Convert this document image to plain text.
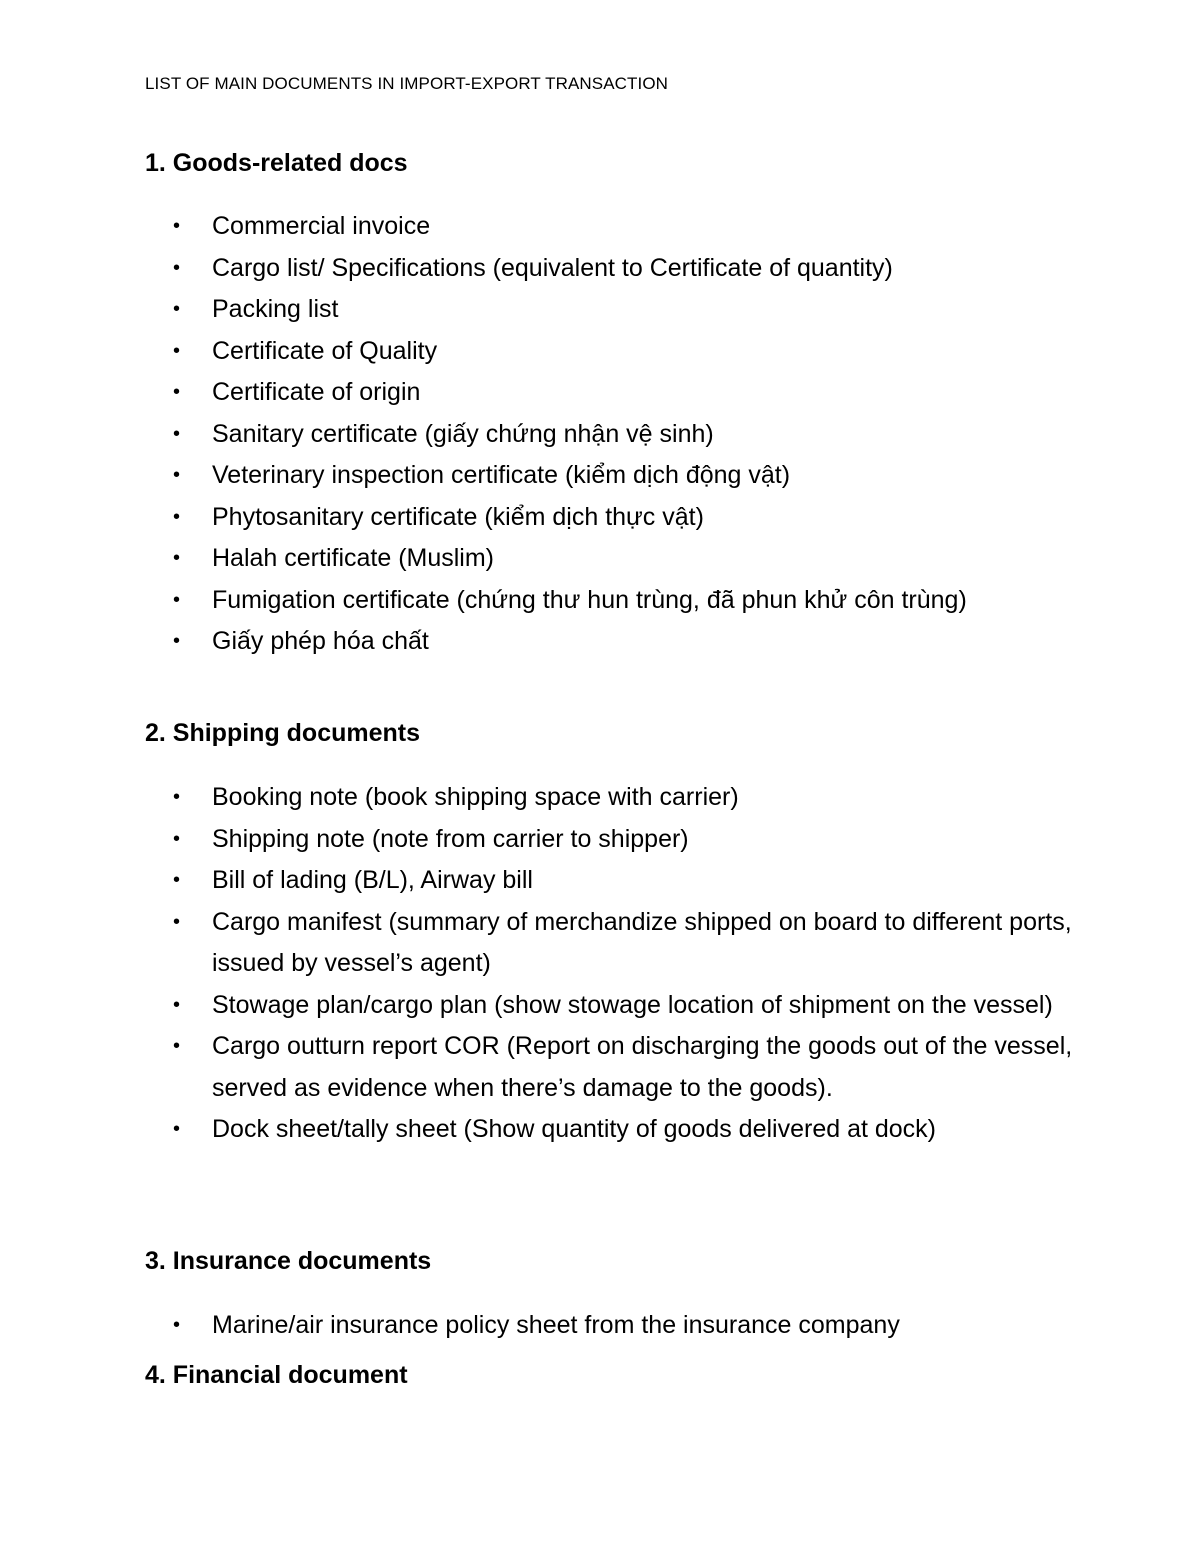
LIST OF MAIN DOCUMENTS IN IMPORT-EXPORT TRANSACTION
1. Goods-related docs
• Commercial invoice
• Cargo list/ Specifications (equivalent to Certificate of quantity)
• Packing list
• Certificate of Quality
• Certificate of origin
• Sanitary certificate (giấy chứng nhận vệ sinh)
• Veterinary inspection certificate (kiểm dịch động vật)
• Phytosanitary certificate (kiểm dịch thực vật)
• Halah certificate (Muslim)
• Fumigation certificate (chứng thư hun trùng, đã phun khử côn trùng)
• Giấy phép hóa chất
2. Shipping documents
• Booking note (book shipping space with carrier)
• Shipping note (note from carrier to shipper)
• Bill of lading (B/L), Airway bill
• Cargo manifest (summary of merchandize shipped on board to different ports, issued by vessel’s agent)
• Stowage plan/cargo plan (show stowage location of shipment on the vessel)
• Cargo outturn report COR (Report on discharging the goods out of the vessel, served as evidence when there’s damage to the goods).
• Dock sheet/tally sheet (Show quantity of goods delivered at dock)
3. Insurance documents
• Marine/air insurance policy sheet from the insurance company
4. Financial document
